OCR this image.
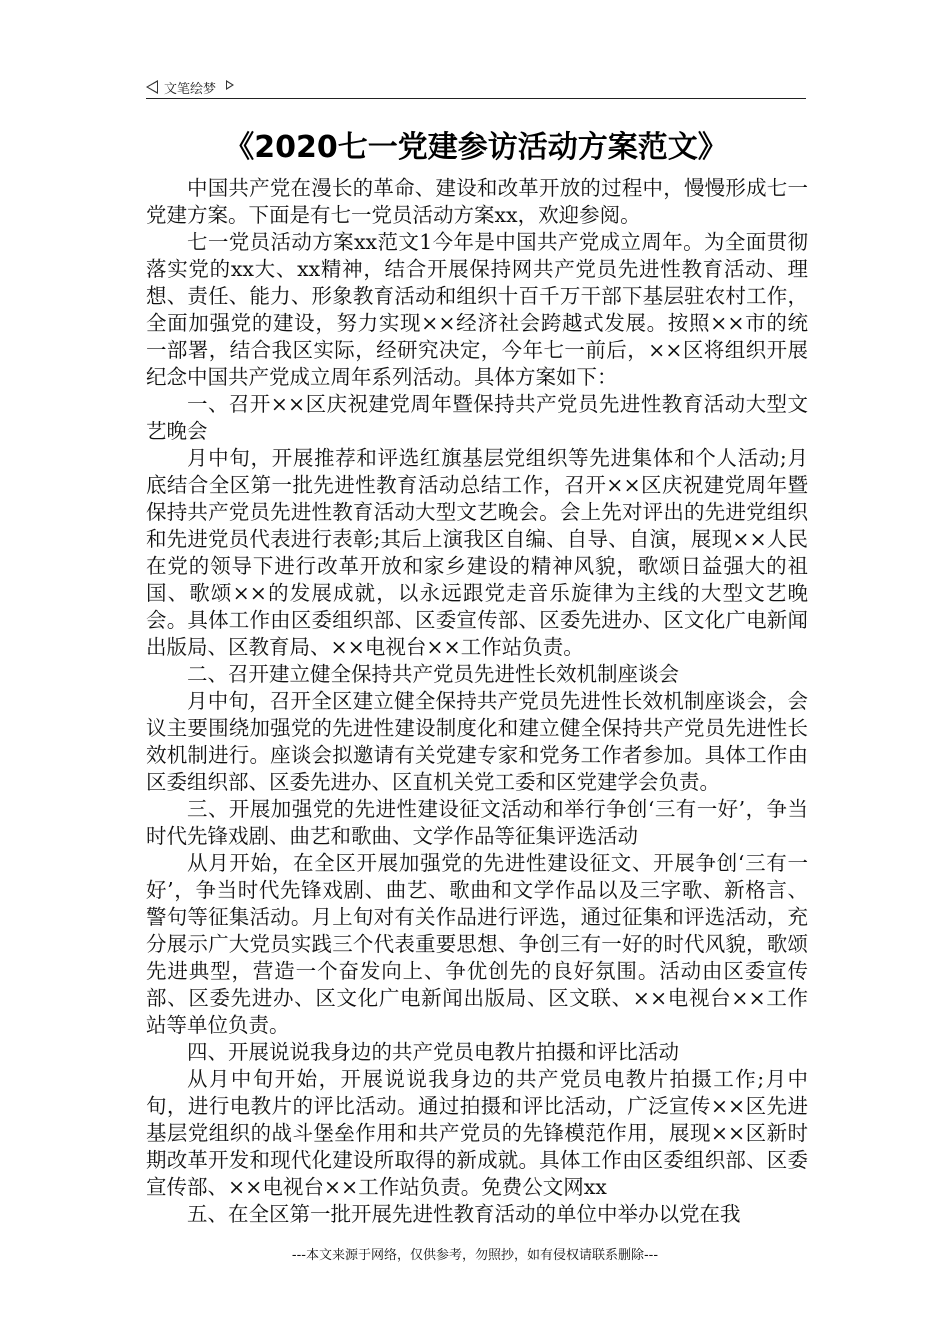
文笔绘梦
《2020七一党建参访活动方案范文》

中国共产党在漫长的革命、建设和改革开放的过程中，慢慢形成七一党建方案。下面是有七一党员活动方案xx，欢迎参阅。

七一党员活动方案xx范文1今年是中国共产党成立周年。为全面贯彻落实党的xx大、xx精神，结合开展保持网共产党员先进性教育活动、理想、责任、能力、形象教育活动和组织十百千万干部下基层驻农村工作，全面加强党的建设，努力实现××经济社会跨越式发展。按照××市的统一部署，结合我区实际，经研究决定，今年七一前后，××区将组织开展纪念中国共产党成立周年系列活动。具体方案如下：

一、召开××区庆祝建党周年暨保持共产党员先进性教育活动大型文艺晚会

月中旬，开展推荐和评选红旗基层党组织等先进集体和个人活动;月底结合全区第一批先进性教育活动总结工作，召开××区庆祝建党周年暨保持共产党员先进性教育活动大型文艺晚会。会上先对评出的先进党组织和先进党员代表进行表彰;其后上演我区自编、自导、自演，展现××人民在党的领导下进行改革开放和家乡建设的精神风貌，歌颂日益强大的祖国、歌颂××的发展成就，以永远跟党走音乐旋律为主线的大型文艺晚会。具体工作由区委组织部、区委宣传部、区委先进办、区文化广电新闻出版局、区教育局、××电视台××工作站负责。

二、召开建立健全保持共产党员先进性长效机制座谈会

月中旬，召开全区建立健全保持共产党员先进性长效机制座谈会，会议主要围绕加强党的先进性建设制度化和建立健全保持共产党员先进性长效机制进行。座谈会拟邀请有关党建专家和党务工作者参加。具体工作由区委组织部、区委先进办、区直机关党工委和区党建学会负责。

三、开展加强党的先进性建设征文活动和举行争创‘三有一好’，争当时代先锋戏剧、曲艺和歌曲、文学作品等征集评选活动

从月开始，在全区开展加强党的先进性建设征文、开展争创‘三有一好’，争当时代先锋戏剧、曲艺、歌曲和文学作品以及三字歌、新格言、警句等征集活动。月上旬对有关作品进行评选，通过征集和评选活动，充分展示广大党员实践三个代表重要思想、争创三有一好的时代风貌，歌颂先进典型，营造一个奋发向上、争优创先的良好氛围。活动由区委宣传部、区委先进办、区文化广电新闻出版局、区文联、××电视台××工作站等单位负责。

四、开展说说我身边的共产党员电教片拍摄和评比活动

从月中旬开始，开展说说我身边的共产党员电教片拍摄工作;月中旬，进行电教片的评比活动。通过拍摄和评比活动，广泛宣传××区先进基层党组织的战斗堡垒作用和共产党员的先锋模范作用，展现××区新时期改革开发和现代化建设所取得的新成就。具体工作由区委组织部、区委宣传部、××电视台××工作站负责。免费公文网xx

五、在全区第一批开展先进性教育活动的单位中举办以党在我

---本文来源于网络，仅供参考，勿照抄，如有侵权请联系删除---
